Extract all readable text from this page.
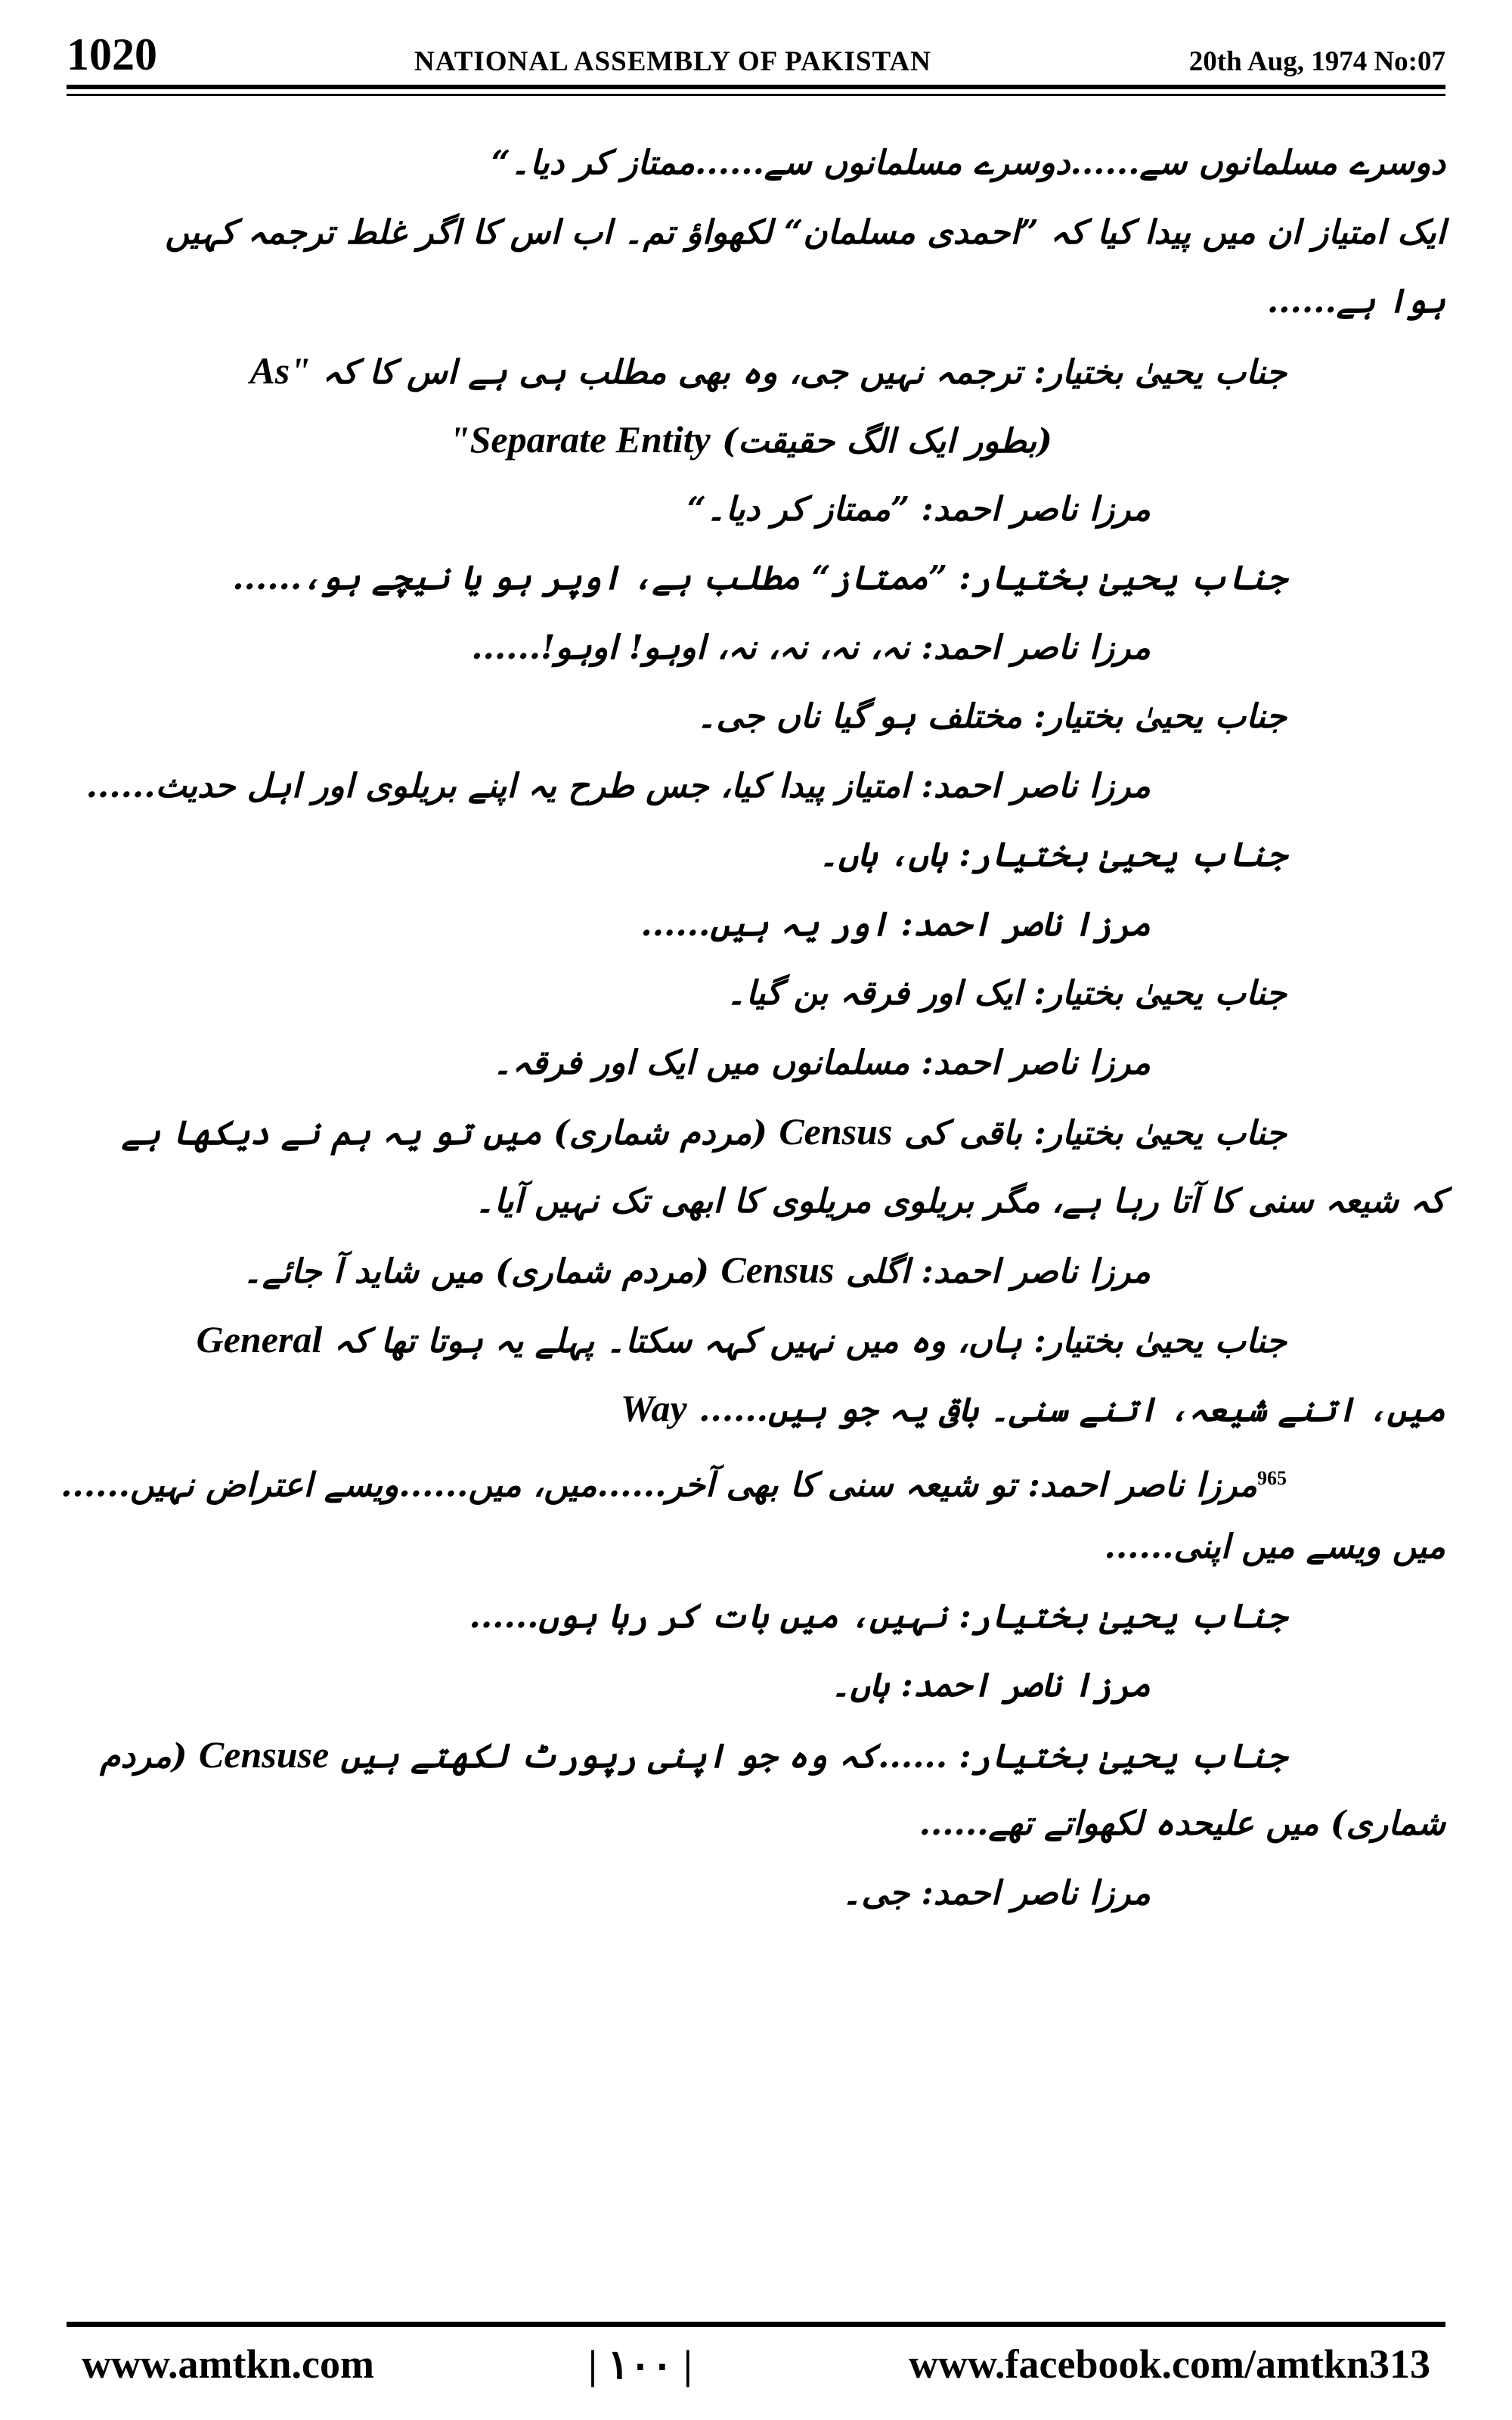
1020	NATIONAL ASSEMBLY OF PAKISTAN	20th Aug, 1974 No:07
دوسرے مسلمانوں سے......دوسرے مسلمانوں سے......ممتاز کر دیا۔“
ایک امتیاز ان میں پیدا کیا کہ ”احمدی مسلمان“ لکھواؤ تم۔ اب اس کا اگر غلط ترجمہ کہیں
ہوا ہے......
جناب یحییٰ بختیار: ترجمہ نہیں جی، وہ بھی مطلب ہی ہے اس کا کہ "As
(بطور ایک الگ حقیقت) Separate Entity"
مرزا ناصر احمد: ”ممتاز کر دیا۔“
جناب یحییٰ بختیار: ”ممتاز“ مطلب ہے، اوپر ہو یا نیچے ہو،......
مرزا ناصر احمد: نہ، نہ، نہ، نہ، اوہو! اوہو!......
جناب یحییٰ بختیار: مختلف ہو گیا ناں جی۔
مرزا ناصر احمد: امتیاز پیدا کیا، جس طرح یہ اپنے بریلوی اور اہل حدیث......
جناب یحییٰ بختیار: ہاں، ہاں۔
مرزا ناصر احمد: اور یہ ہیں......
جناب یحییٰ بختیار: ایک اور فرقہ بن گیا۔
مرزا ناصر احمد: مسلمانوں میں ایک اور فرقہ۔
جناب یحییٰ بختیار: باقی کی Census (مردم شماری) میں تو یہ ہم نے دیکھا ہے
کہ شیعہ سنی کا آتا رہا ہے، مگر بریلوی مریلوی کا ابھی تک نہیں آیا۔
مرزا ناصر احمد: اگلی Census (مردم شماری) میں شاید آ جائے۔
جناب یحییٰ بختیار: ہاں، وہ میں نہیں کہہ سکتا۔ پہلے یہ ہوتا تھا کہ General
میں، اتنے شیعہ، اتنے سنی۔ باقی یہ جو ہیں...... Way
$^{965}$مرزا ناصر احمد: تو شیعہ سنی کا بھی آخر......میں، میں......ویسے اعتراض نہیں......
میں ویسے میں اپنی......
جناب یحییٰ بختیار: نہیں، میں بات کر رہا ہوں......
مرزا ناصر احمد: ہاں۔
جناب یحییٰ بختیار: ......کہ وہ جو اپنی رپورٹ لکھتے ہیں Censuse (مردم
شماری) میں علیحدہ لکھواتے تھے......
مرزا ناصر احمد: جی۔
www.amtkn.com	| ۱۰۰ |	www.facebook.com/amtkn313
